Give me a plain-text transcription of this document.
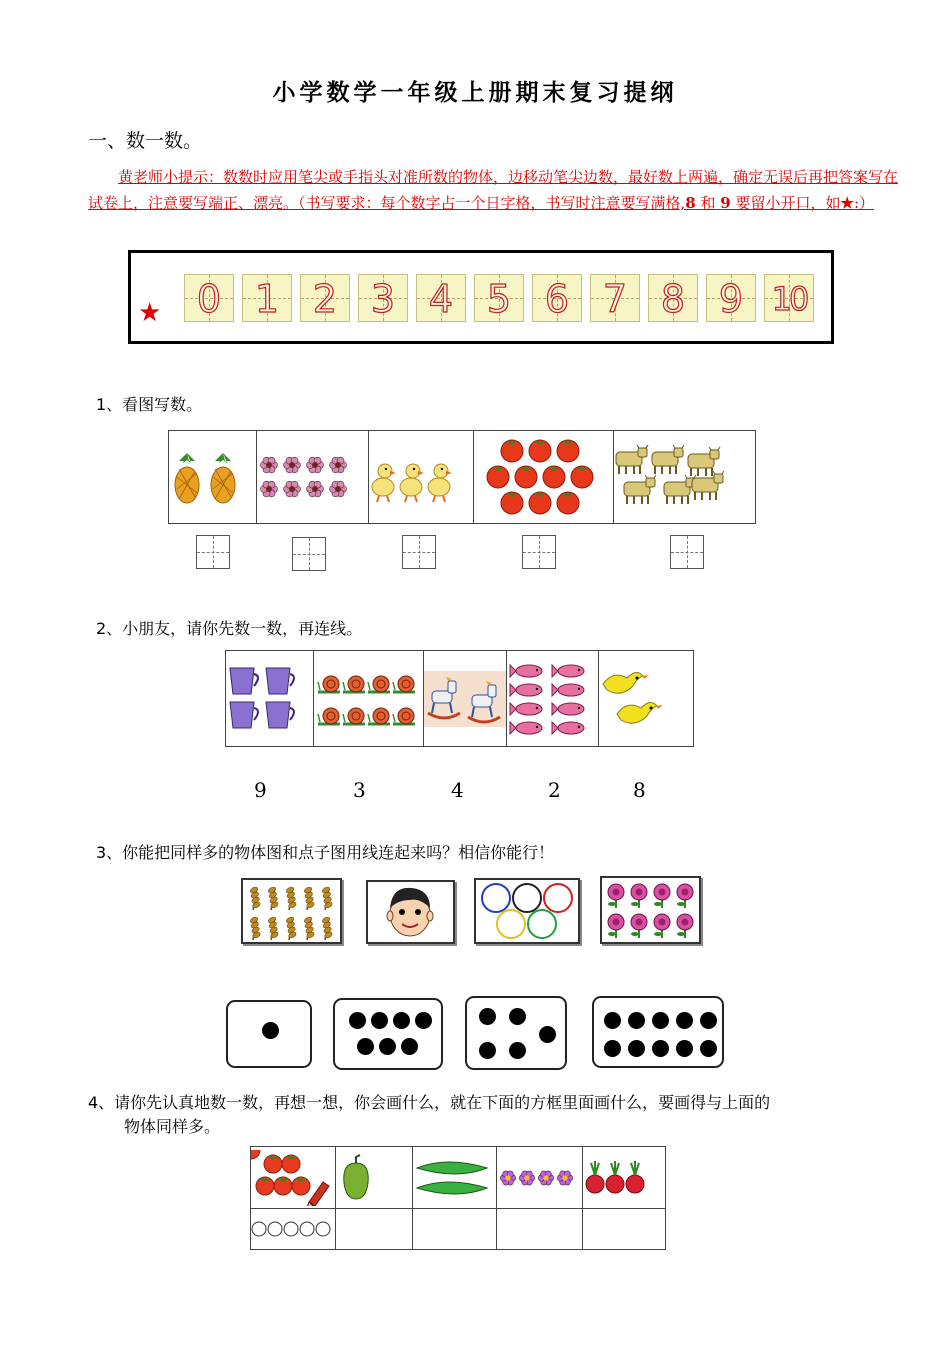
小学数学一年级上册期末复习提纲
一、数一数。
黄老师小提示：数数时应用笔尖或手指头对准所数的物体，边移动笔尖边数，最好数上两遍，确定无误后再把答案写在试卷上，注意要写端正、漂亮。（书写要求：每个数字占一个日字格，书写时注意要写满格,8 和 9 要留小开口，如★:）
★ 0 1 2 3 4 5 6 7 8 9 10
1、看图写数。

2、小朋友，请你先数一数，再连线。

9	3	4	2	8
3、你能把同样多的物体图和点子图用线连起来吗？相信你能行！
4、请你先认真地数一数，再想一想，你会画什么，就在下面的方框里面画什么，要画得与上面的
物体同样多。
